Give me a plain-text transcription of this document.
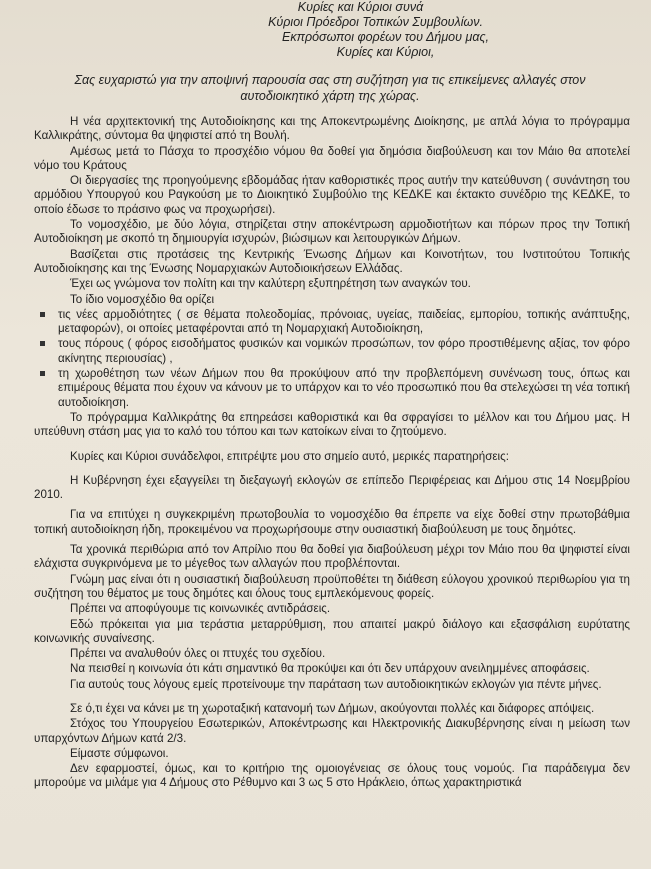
Κυρίες και Κύριοι συνά
Κύριοι Πρόεδροι Τοπικών Συμβουλίων.
Εκπρόσωποι φορέων του Δήμου μας,
Κυρίες και Κύριοι,
Σας ευχαριστώ για την αποψινή παρουσία σας στη συζήτηση για τις επικείμενες αλλαγές στον αυτοδιοικητικό χάρτη της χώρας.

Η νέα αρχιτεκτονική της Αυτοδιοίκησης και της Αποκεντρωμένης Διοίκησης, με απλά λόγια το πρόγραμμα Καλλικράτης, σύντομα θα ψηφιστεί από τη Βουλή.

Αμέσως μετά το Πάσχα το προσχέδιο νόμου θα δοθεί για δημόσια διαβούλευση και τον Μάιο θα αποτελεί νόμο του Κράτους

Οι διεργασίες της προηγούμενης εβδομάδας ήταν καθοριστικές προς αυτήν την κατεύθυνση ( συνάντηση του αρμόδιου Υπουργού κου Ραγκούση με το Διοικητικό Συμβούλιο της ΚΕΔΚΕ και έκτακτο συνέδριο της ΚΕΔΚΕ, το οποίο έδωσε το πράσινο φως να προχωρήσει).

Το νομοσχέδιο, με δύο λόγια, στηρίζεται στην αποκέντρωση αρμοδιοτήτων και πόρων προς την Τοπική Αυτοδιοίκηση με σκοπό τη δημιουργία ισχυρών, βιώσιμων και λειτουργικών Δήμων.

Βασίζεται στις προτάσεις της Κεντρικής Ένωσης Δήμων και Κοινοτήτων, του Ινστιτούτου Τοπικής Αυτοδιοίκησης και της Ένωσης Νομαρχιακών Αυτοδιοικήσεων Ελλάδας.

Έχει ως γνώμονα τον πολίτη και την καλύτερη εξυπηρέτηση των αναγκών του.

Το ίδιο νομοσχέδιο θα ορίζει

τις νέες αρμοδιότητες ( σε θέματα πολεοδομίας, πρόνοιας, υγείας, παιδείας, εμπορίου, τοπικής ανάπτυξης, μεταφορών), οι οποίες μεταφέρονται από τη Νομαρχιακή Αυτοδιοίκηση,
τους πόρους ( φόρος εισοδήματος φυσικών και νομικών προσώπων, τον φόρο προστιθέμενης αξίας, τον φόρο ακίνητης περιουσίας) ,
τη χωροθέτηση των νέων Δήμων που θα προκύψουν από την προβλεπόμενη συνένωση τους, όπως και επιμέρους θέματα που έχουν να κάνουν με το υπάρχον και το νέο προσωπικό που θα στελεχώσει τη νέα τοπική αυτοδιοίκηση.

Το πρόγραμμα Καλλικράτης θα επηρεάσει καθοριστικά και θα σφραγίσει το μέλλον και του Δήμου μας. Η υπεύθυνη στάση μας για το καλό του τόπου και των κατοίκων είναι το ζητούμενο.

Κυρίες και Κύριοι συνάδελφοι, επιτρέψτε μου στο σημείο αυτό, μερικές παρατηρήσεις:

Η Κυβέρνηση έχει εξαγγείλει τη διεξαγωγή εκλογών σε επίπεδο Περιφέρειας και Δήμου στις 14 Νοεμβρίου 2010.

Για να επιτύχει η συγκεκριμένη πρωτοβουλία το νομοσχέδιο θα έπρεπε να είχε δοθεί στην πρωτοβάθμια τοπική αυτοδιοίκηση ήδη, προκειμένου να προχωρήσουμε στην ουσιαστική διαβούλευση με τους δημότες.

Τα χρονικά περιθώρια από τον Απρίλιο που θα δοθεί για διαβούλευση μέχρι τον Μάιο που θα ψηφιστεί είναι ελάχιστα συγκρινόμενα με το μέγεθος των αλλαγών που προβλέπονται.

Γνώμη μας είναι ότι η ουσιαστική διαβούλευση προϋποθέτει τη διάθεση εύλογου χρονικού περιθωρίου για τη συζήτηση του θέματος με τους δημότες και όλους τους εμπλεκόμενους φορείς.

Πρέπει να αποφύγουμε τις κοινωνικές αντιδράσεις.

Εδώ πρόκειται για μια τεράστια μεταρρύθμιση, που απαιτεί μακρύ διάλογο και εξασφάλιση ευρύτατης κοινωνικής συναίνεσης.

Πρέπει να αναλυθούν όλες οι πτυχές του σχεδίου.

Να πεισθεί η κοινωνία ότι κάτι σημαντικό θα προκύψει και ότι δεν υπάρχουν ανειλημμένες αποφάσεις.

Για αυτούς τους λόγους εμείς προτείνουμε την παράταση των αυτοδιοικητικών εκλογών για πέντε μήνες.

Σε ό,τι έχει να κάνει με τη χωροταξική κατανομή των Δήμων, ακούγονται πολλές και διάφορες απόψεις.

Στόχος του Υπουργείου Εσωτερικών, Αποκέντρωσης και Ηλεκτρονικής Διακυβέρνησης είναι η μείωση των υπαρχόντων Δήμων κατά 2/3.

Είμαστε σύμφωνοι.

Δεν εφαρμοστεί, όμως, και το κριτήριο της ομοιογένειας σε όλους τους νομούς. Για παράδειγμα δεν μπορούμε να μιλάμε για 4 Δήμους στο Ρέθυμνο και 3 ως 5 στο Ηράκλειο, όπως χαρακτηριστικά
